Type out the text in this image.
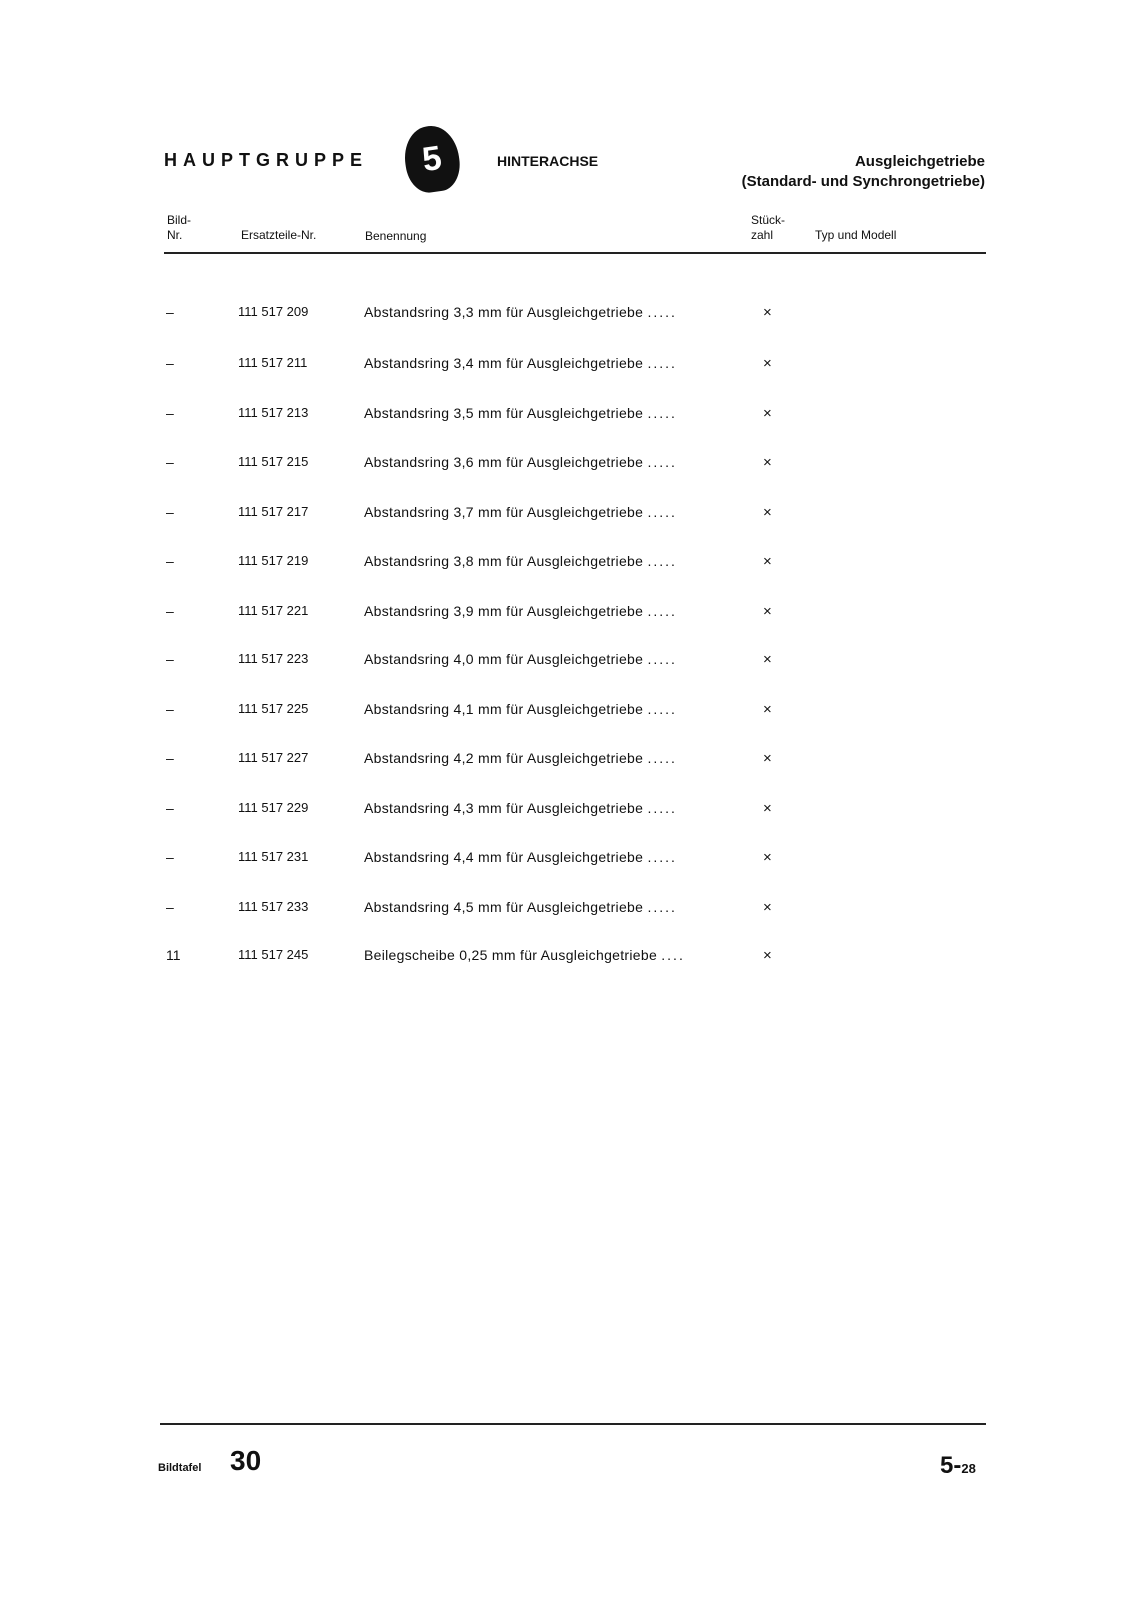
HAUPTGRUPPE 5	HINTERACHSE	Ausgleichgetriebe
(Standard- und Synchrongetriebe)
Bild-
Nr.	Ersatzteile-Nr.	Benennung
Stück-
zahl	Typ und Modell
–	111 517 209	Abstandsring 3,3 mm für Ausgleichgetriebe .....	×
–	111 517 211	Abstandsring 3,4 mm für Ausgleichgetriebe .....	×
–	111 517 213	Abstandsring 3,5 mm für Ausgleichgetriebe .....	×
–	111 517 215	Abstandsring 3,6 mm für Ausgleichgetriebe .....	×
–	111 517 217	Abstandsring 3,7 mm für Ausgleichgetriebe .....	×
–	111 517 219	Abstandsring 3,8 mm für Ausgleichgetriebe .....	×
–	111 517 221	Abstandsring 3,9 mm für Ausgleichgetriebe .....	×
–	111 517 223	Abstandsring 4,0 mm für Ausgleichgetriebe .....	×
–	111 517 225	Abstandsring 4,1 mm für Ausgleichgetriebe .....	×
–	111 517 227	Abstandsring 4,2 mm für Ausgleichgetriebe .....	×
–	111 517 229	Abstandsring 4,3 mm für Ausgleichgetriebe .....	×
–	111 517 231	Abstandsring 4,4 mm für Ausgleichgetriebe .....	×
–	111 517 233	Abstandsring 4,5 mm für Ausgleichgetriebe .....	×
11	111 517 245	Beilegscheibe 0,25 mm für Ausgleichgetriebe ....	×
Bildtafel 30	5-28
